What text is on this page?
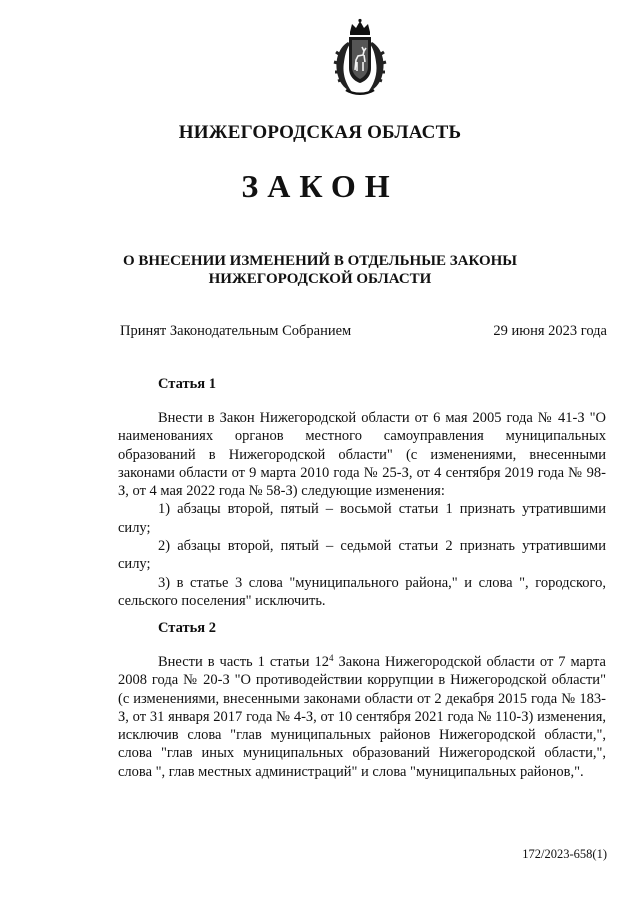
НИЖЕГОРОДСКАЯ ОБЛАСТЬ
ЗАКОН
О ВНЕСЕНИИ ИЗМЕНЕНИЙ В ОТДЕЛЬНЫЕ ЗАКОНЫ
НИЖЕГОРОДСКОЙ ОБЛАСТИ
Принят Законодательным Собранием	29 июня 2023 года
Статья 1

Внести в Закон Нижегородской области от 6 мая 2005 года № 41-З "О наименованиях органов местного самоуправления муниципальных образований в Нижегородской области" (с изменениями, внесенными законами области от 9 марта 2010 года № 25-З, от 4 сентября 2019 года № 98-З, от 4 мая 2022 года № 58-З) следующие изменения:

1) абзацы второй, пятый – восьмой статьи 1 признать утратившими силу;

2) абзацы второй, пятый – седьмой статьи 2 признать утратившими силу;

3) в статье 3 слова "муниципального района," и слова ", городского, сельского поселения" исключить.

Статья 2

Внести в часть 1 статьи $12^4$ Закона Нижегородской области от 7 марта 2008 года № 20-З "О противодействии коррупции в Нижегородской области" (с изменениями, внесенными законами области от 2 декабря 2015 года № 183-З, от 31 января 2017 года № 4-З, от 10 сентября 2021 года № 110-З) изменения, исключив слова "глав муниципальных районов Нижегородской области,", слова "глав иных муниципальных образований Нижегородской области,", слова ", глав местных администраций" и слова "муниципальных районов,".

172/2023-658(1)
